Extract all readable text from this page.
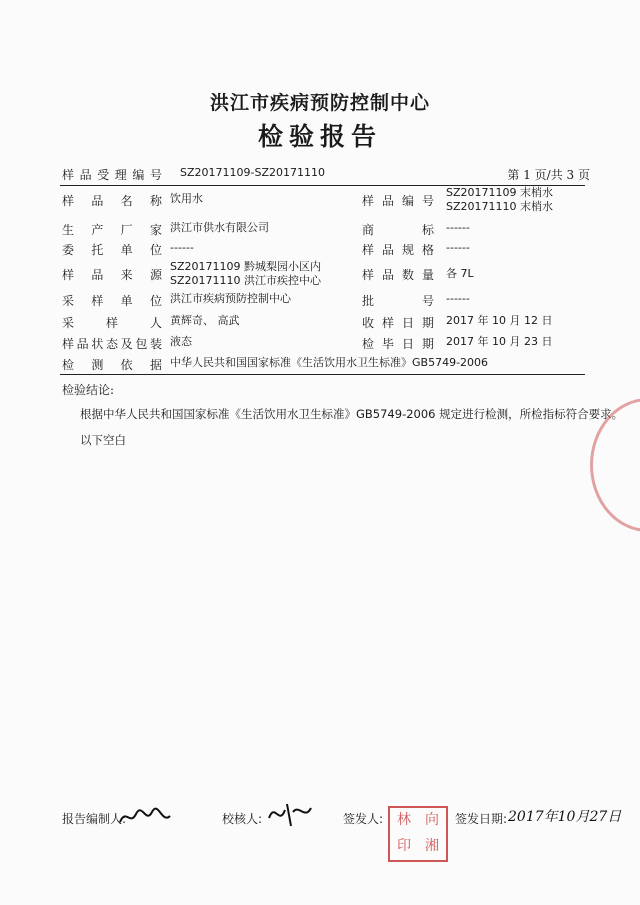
洪江市疾病预防控制中心
检验报告
样品受理编号 SZ20171109-SZ20171110	第 1 页/共 3 页
样品名称 饮用水	样品编号
SZ20171109 末梢水
SZ20171110 末梢水
生产厂家 洪江市供水有限公司	商标 ------
委托单位 ------	样品规格 ------
样品来源
SZ20171109 黔城梨园小区内
SZ20171110 洪江市疾控中心	样品数量 各 7L
采样单位 洪江市疾病预防控制中心	批号 ------
采样人 黄辉奇、 高武	收样日期 2017 年 10 月 12 日
样品状态及包装 液态	检毕日期 2017 年 10 月 23 日
检测依据 中华人民共和国国家标准《生活饮用水卫生标准》GB5749-2006
检验结论:
根据中华人民共和国国家标准《生活饮用水卫生标准》GB5749-2006 规定进行检测，所检指标符合要求。
以下空白
报告编制人:	校核人:	签发人: 林	向
印	湘
签发日期: 2017年10月27日
